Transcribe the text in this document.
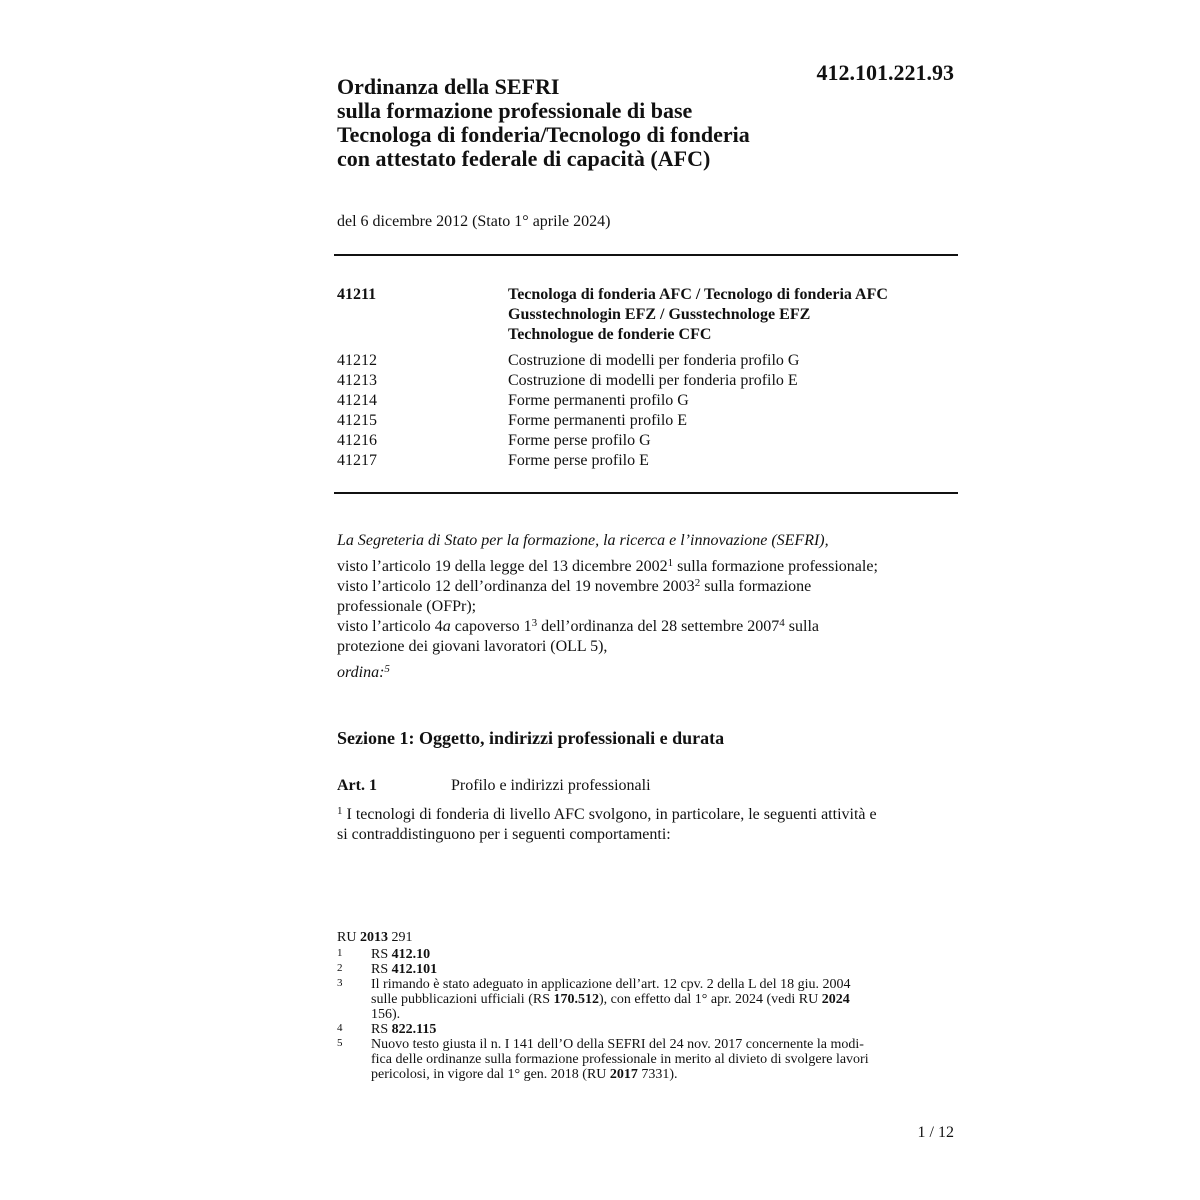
412.101.221.93
Ordinanza della SEFRI
sulla formazione professionale di base
Tecnologa di fonderia/Tecnologo di fonderia
con attestato federale di capacità (AFC)
del 6 dicembre 2012 (Stato 1° aprile 2024)
41211	Tecnologa di fonderia AFC / Tecnologo di fonderia AFC
Gusstechnologin EFZ / Gusstechnologe EFZ
Technologue de fonderie CFC
41212	Costruzione di modelli per fonderia profilo G
41213	Costruzione di modelli per fonderia profilo E
41214	Forme permanenti profilo G
41215	Forme permanenti profilo E
41216	Forme perse profilo G
41217	Forme perse profilo E
La Segreteria di Stato per la formazione, la ricerca e l’innovazione (SEFRI),
visto l’articolo 19 della legge del 13 dicembre 2002$^1$ sulla formazione professionale;
visto l’articolo 12 dell’ordinanza del 19 novembre 2003$^2$ sulla formazione
professionale (OFPr);
visto l’articolo 4a capoverso $1^3$ dell’ordinanza del 28 settembre 2007$^4$ sulla
protezione dei giovani lavoratori (OLL 5),
ordina:$^5$
Sezione 1: Oggetto, indirizzi professionali e durata
Art. 1	Profilo e indirizzi professionali
$^1$ I tecnologi di fonderia di livello AFC svolgono, in particolare, le seguenti attività e
si contraddistinguono per i seguenti comportamenti:
RU 2013 291
1	RS 412.10
2	RS 412.101
3	Il rimando è stato adeguato in applicazione dell’art. 12 cpv. 2 della L del 18 giu. 2004
sulle pubblicazioni ufficiali (RS 170.512), con effetto dal 1° apr. 2024 (vedi RU 2024
156).
4	RS 822.115
5	Nuovo testo giusta il n. I 141 dell’O della SEFRI del 24 nov. 2017 concernente la modi-
fica delle ordinanze sulla formazione professionale in merito al divieto di svolgere lavori
pericolosi, in vigore dal 1° gen. 2018 (RU 2017 7331).
1 / 12
